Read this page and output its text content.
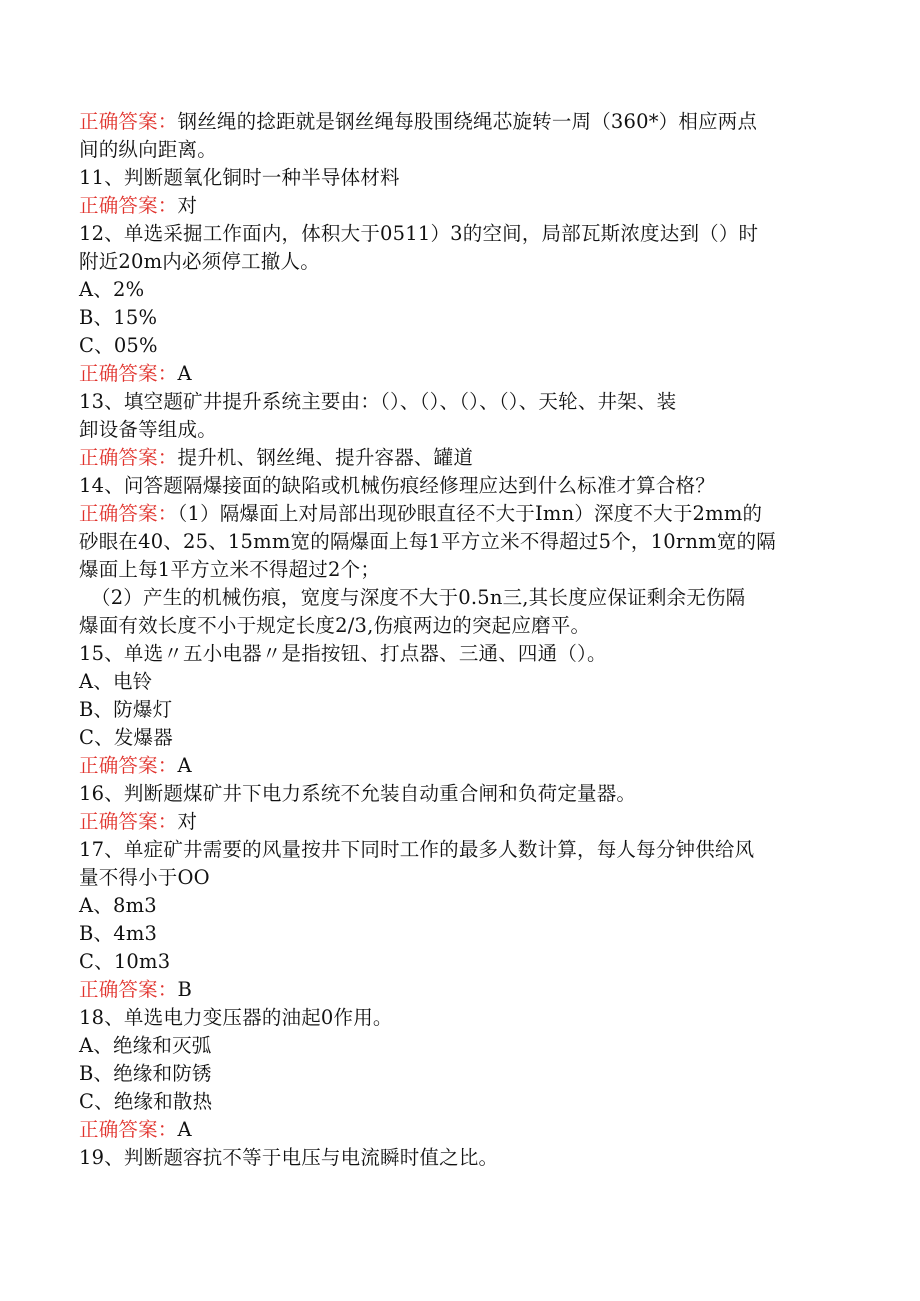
正确答案：钢丝绳的捻距就是钢丝绳每股围绕绳芯旋转一周（360*）相应两点
间的纵向距离。
11、判断题氧化铜时一种半导体材料
正确答案：对
12、单选采掘工作面内，体积大于0511）3的空间，局部瓦斯浓度达到（）时
附近20m内必须停工撤人。
A、2%
B、15%
C、05%
正确答案：A
13、填空题矿井提升系统主要由：（）、（）、（）、（）、天轮、井架、装
卸设备等组成。
正确答案：提升机、钢丝绳、提升容器、罐道
14、问答题隔爆接面的缺陷或机械伤痕经修理应达到什么标准才算合格？
正确答案：（1）隔爆面上对局部出现砂眼直径不大于Imn）深度不大于2mm的
砂眼在40、25、15mm宽的隔爆面上每1平方立米不得超过5个，10rnm宽的隔
爆面上每1平方立米不得超过2个；
（2）产生的机械伤痕，宽度与深度不大于0.5n三,其长度应保证剩余无伤隔
爆面有效长度不小于规定长度2/3,伤痕两边的突起应磨平。
15、单选〃五小电器〃是指按钮、打点器、三通、四通（）。
A、电铃
B、防爆灯
C、发爆器
正确答案：A
16、判断题煤矿井下电力系统不允装自动重合闸和负荷定量器。
正确答案：对
17、单症矿井需要的风量按井下同时工作的最多人数计算，每人每分钟供给风
量不得小于OO
A、8m3
B、4m3
C、10m3
正确答案：B
18、单选电力变压器的油起0作用。
A、绝缘和灭弧
B、绝缘和防锈
C、绝缘和散热
正确答案：A
19、判断题容抗不等于电压与电流瞬时值之比。
